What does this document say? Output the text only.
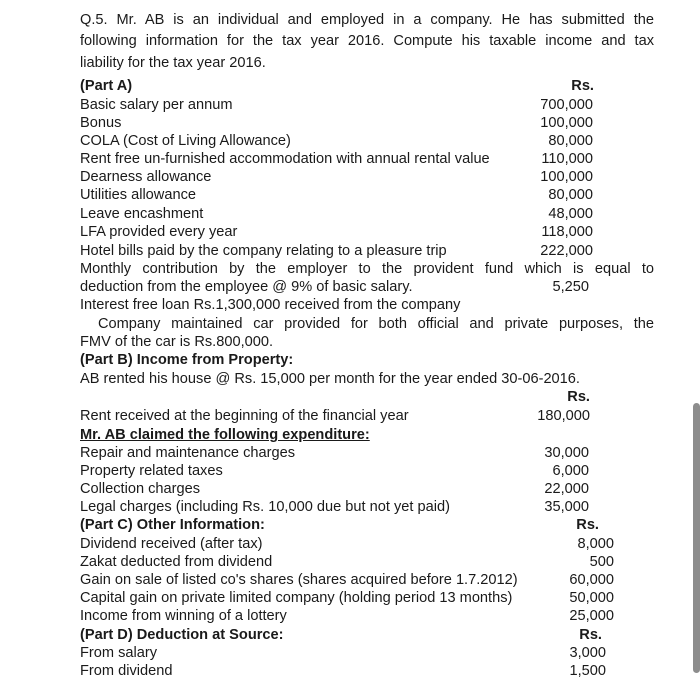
Q.5. Mr. AB is an individual and employed in a company. He has submitted the
following information for the tax year 2016. Compute his taxable income and tax
liability for the tax year 2016.
(Part A)	Rs.
Basic salary per annum	700,000
Bonus	100,000
COLA (Cost of Living Allowance)	80,000
Rent free un-furnished accommodation with annual rental value	110,000
Dearness allowance	100,000
Utilities allowance	80,000
Leave encashment	48,000
LFA provided every year	118,000
Hotel bills paid by the company relating to a pleasure trip	222,000
Monthly contribution by the employer to the provident fund which is equal to
deduction from the employee @ 9% of basic salary.	5,250
Interest free loan Rs.1,300,000 received from the company
Company maintained car provided for both official and private purposes, the
FMV of the car is Rs.800,000.
(Part B) Income from Property:
AB rented his house @ Rs. 15,000 per month for the year ended 30-06-2016.
Rs.
Rent received at the beginning of the financial year	180,000
Mr. AB claimed the following expenditure:
Repair and maintenance charges	30,000
Property related taxes	6,000
Collection charges	22,000
Legal charges (including Rs. 10,000 due but not yet paid)	35,000
(Part C) Other Information:	Rs.
Dividend received (after tax)	8,000
Zakat deducted from dividend	500
Gain on sale of listed co's shares (shares acquired before 1.7.2012)	60,000
Capital gain on private limited company (holding period 13 months)	50,000
Income from winning of a lottery	25,000
(Part D) Deduction at Source:	Rs.
From salary	3,000
From dividend	1,500
